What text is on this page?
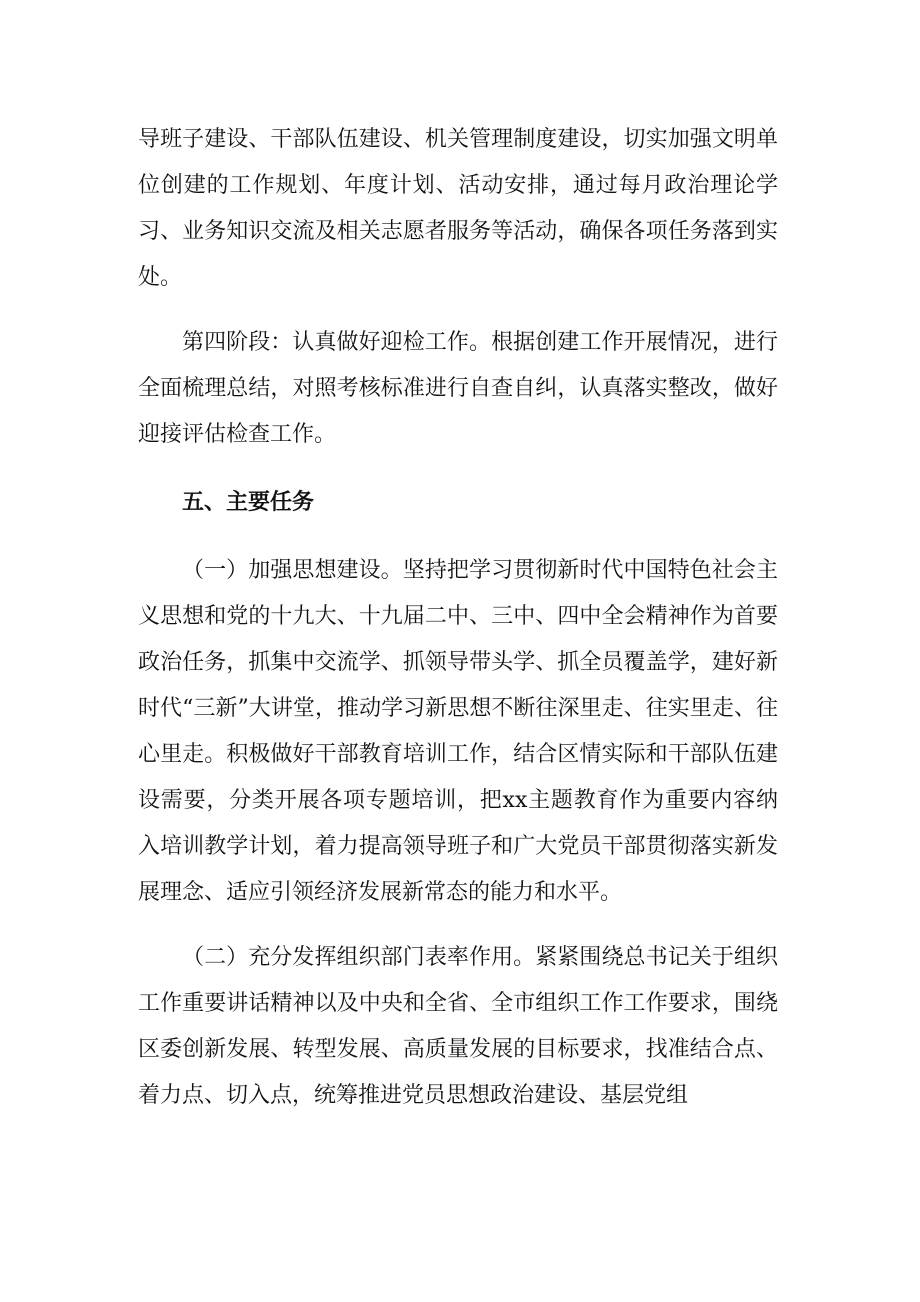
导班子建设、干部队伍建设、机关管理制度建设，切实加强文明单位创建的工作规划、年度计划、活动安排，通过每月政治理论学习、业务知识交流及相关志愿者服务等活动，确保各项任务落到实处。

第四阶段：认真做好迎检工作。根据创建工作开展情况，进行全面梳理总结，对照考核标准进行自查自纠，认真落实整改，做好迎接评估检查工作。

五、主要任务

（一）加强思想建设。坚持把学习贯彻新时代中国特色社会主义思想和党的十九大、十九届二中、三中、四中全会精神作为首要政治任务，抓集中交流学、抓领导带头学、抓全员覆盖学，建好新时代“三新”大讲堂，推动学习新思想不断往深里走、往实里走、往心里走。积极做好干部教育培训工作，结合区情实际和干部队伍建设需要，分类开展各项专题培训，把xx主题教育作为重要内容纳入培训教学计划，着力提高领导班子和广大党员干部贯彻落实新发展理念、适应引领经济发展新常态的能力和水平。

（二）充分发挥组织部门表率作用。紧紧围绕总书记关于组织工作重要讲话精神以及中央和全省、全市组织工作工作要求，围绕区委创新发展、转型发展、高质量发展的目标要求，找准结合点、着力点、切入点，统筹推进党员思想政治建设、基层党组
